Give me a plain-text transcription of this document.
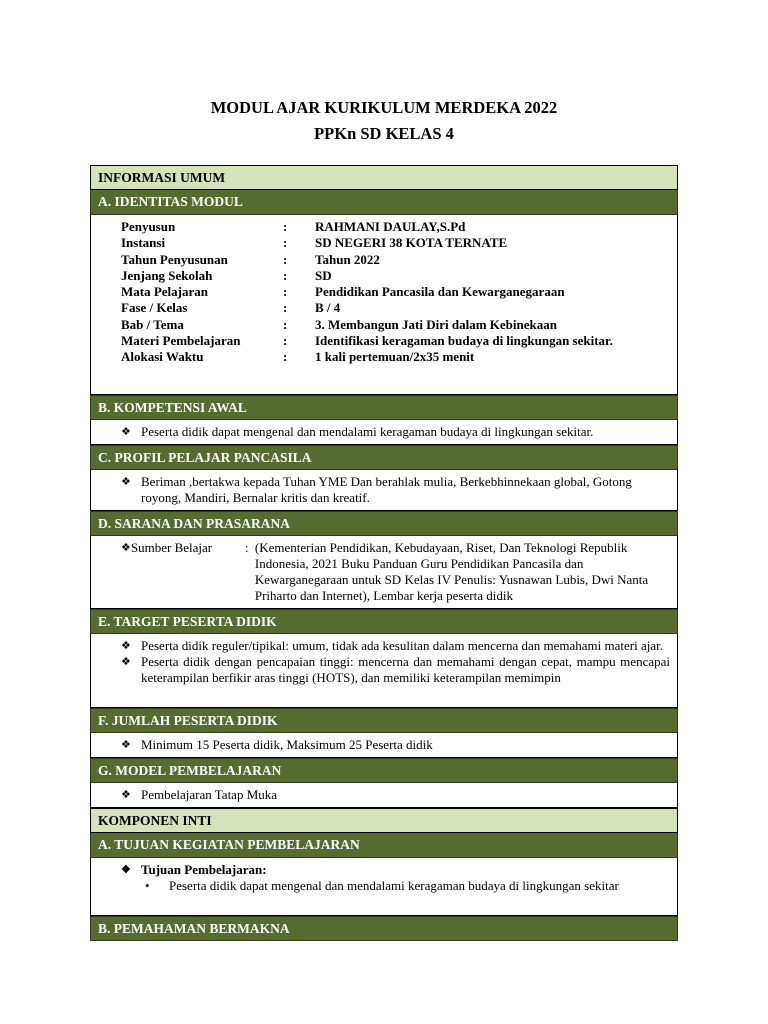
MODUL AJAR KURIKULUM MERDEKA 2022
PPKn SD KELAS 4
INFORMASI UMUM
A. IDENTITAS MODUL
Penyusun	:	RAHMANI DAULAY,S.Pd
Instansi	:	SD NEGERI 38 KOTA TERNATE
Tahun Penyusunan	:	Tahun 2022
Jenjang Sekolah	:	SD
Mata Pelajaran	:	Pendidikan Pancasila dan Kewarganegaraan
Fase / Kelas	:	B / 4
Bab / Tema	:	3. Membangun Jati Diri dalam Kebinekaan
Materi Pembelajaran	:	Identifikasi keragaman budaya di lingkungan sekitar.
Alokasi Waktu	:	1 kali pertemuan/2x35 menit
B. KOMPETENSI AWAL
❖ Peserta didik dapat mengenal dan mendalami keragaman budaya di lingkungan sekitar.
C. PROFIL PELAJAR PANCASILA
❖ Beriman ,bertakwa kepada Tuhan YME Dan berahlak mulia, Berkebhinnekaan global, Gotong royong, Mandiri, Bernalar kritis dan kreatif.
D. SARANA DAN PRASARANA
❖ Sumber Belajar	: (Kementerian Pendidikan, Kebudayaan, Riset, Dan Teknologi Republik Indonesia, 2021 Buku Panduan Guru Pendidikan Pancasila dan Kewarganegaraan untuk SD Kelas IV Penulis: Yusnawan Lubis, Dwi Nanta Priharto dan Internet), Lembar kerja peserta didik
E. TARGET PESERTA DIDIK
❖ Peserta didik reguler/tipikal: umum, tidak ada kesulitan dalam mencerna dan memahami materi ajar.
❖ Peserta didik dengan pencapaian tinggi: mencerna dan memahami dengan cepat, mampu mencapai keterampilan berfikir aras tinggi (HOTS), dan memiliki keterampilan memimpin
F. JUMLAH PESERTA DIDIK
❖ Minimum 15 Peserta didik, Maksimum 25 Peserta didik
G. MODEL PEMBELAJARAN
❖ Pembelajaran Tatap Muka
KOMPONEN INTI
A. TUJUAN KEGIATAN PEMBELAJARAN
❖ Tujuan Pembelajaran:
•	Peserta didik dapat mengenal dan mendalami keragaman budaya di lingkungan sekitar
B. PEMAHAMAN BERMAKNA
